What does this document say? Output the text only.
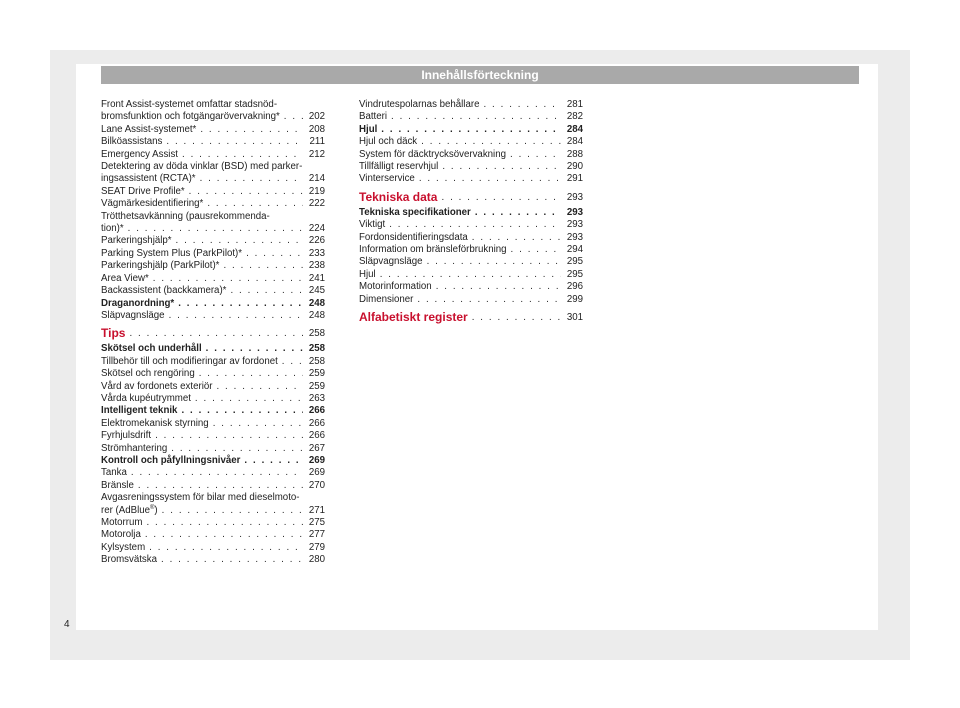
Innehållsförteckning
Front Assist-systemet omfattar stadsnöd-
bromsfunktion och fotgängarövervakning* . . .	202
Lane Assist-systemet* . . .	208
Bilköassistans . . .	211
Emergency Assist . . .	212
Detektering av döda vinklar (BSD) med parker-
ingsassistent (RCTA)* . . .	214
SEAT Drive Profile* . . .	219
Vägmärkesidentifiering* . . .	222
Trötthetsavkänning (pausrekommenda-
tion)* . . .	224
Parkeringshjälp* . . .	226
Parking System Plus (ParkPilot)* . . .	233
Parkeringshjälp (ParkPilot)* . . .	238
Area View* . . .	241
Backassistent (backkamera)* . . .	245
Draganordning* . . .	248
Släpvagnsläge . . .	248
Tips . . .	258
Skötsel och underhåll . . .	258
Tillbehör till och modifieringar av fordonet . . .	258
Skötsel och rengöring . . .	259
Vård av fordonets exteriör . . .	259
Vårda kupéutrymmet . . .	263
Intelligent teknik . . .	266
Elektromekanisk styrning . . .	266
Fyrhjulsdrift . . .	266
Strömhantering . . .	267
Kontroll och påfyllningsnivåer . . .	269
Tanka . . .	269
Bränsle . . .	270
Avgasreningssystem för bilar med dieselmoto-
rer (AdBlue®) . . .	271
Motorrum . . .	275
Motorolja . . .	277
Kylsystem . . .	279
Bromsvätska . . .	280
Vindrutespolarnas behållare . . .	281
Batteri . . .	282
Hjul . . .	284
Hjul och däck . . .	284
System för däcktrycksövervakning . . .	288
Tillfälligt reservhjul . . .	290
Vinterservice . . .	291
Tekniska data . . .	293
Tekniska specifikationer . . .	293
Viktigt . . .	293
Fordonsidentifieringsdata . . .	293
Information om bränsleförbrukning . . .	294
Släpvagnsläge . . .	295
Hjul . . .	295
Motorinformation . . .	296
Dimensioner . . .	299
Alfabetiskt register . . .	301
4
